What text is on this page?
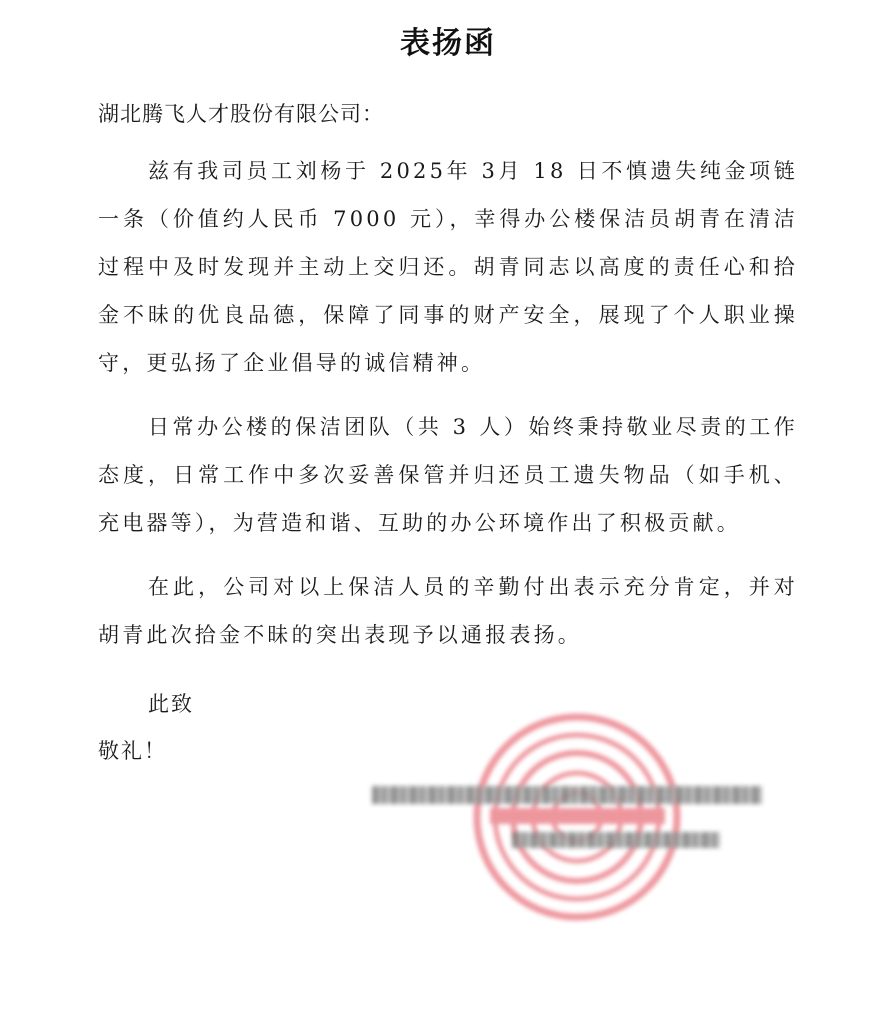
表扬函
湖北腾飞人才股份有限公司：

兹有我司员工刘杨于 2025年 3月 18 日不慎遗失纯金项链一条（价值约人民币 7000 元），幸得办公楼保洁员胡青在清洁过程中及时发现并主动上交归还。胡青同志以高度的责任心和拾金不昧的优良品德，保障了同事的财产安全，展现了个人职业操守，更弘扬了企业倡导的诚信精神。

日常办公楼的保洁团队（共 3 人）始终秉持敬业尽责的工作态度，日常工作中多次妥善保管并归还员工遗失物品（如手机、充电器等），为营造和谐、互助的办公环境作出了积极贡献。

在此，公司对以上保洁人员的辛勤付出表示充分肯定，并对胡青此次拾金不昧的突出表现予以通报表扬。

此致
敬礼！
